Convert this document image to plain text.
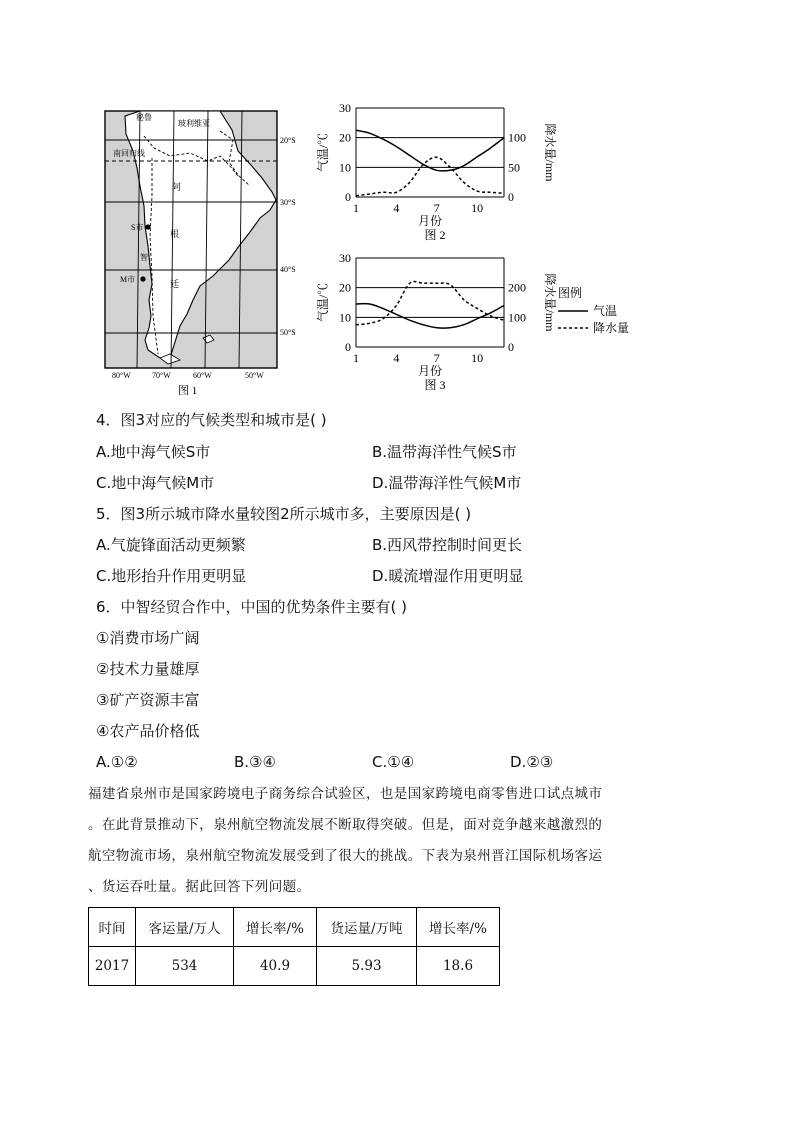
秘鲁
玻利维亚
南回归线
阿
根
廷
S市
M市
智
20°S
30°S
40°S
50°S
80°W	70°W	60°W	50°W
图 1
0
10
20
30
0
50
100
1	4	7	10
月份
气温/℃	降水量/mm
图 2
0
10
20
30
0
100
200
1	4	7	10
月份
气温/℃	降水量/mm
图 3
图例
气温
降水量
4．图3对应的气候类型和城市是( )
A.地中海气候S市	B.温带海洋性气候S市
C.地中海气候M市	D.温带海洋性气候M市
5．图3所示城市降水量较图2所示城市多，主要原因是( )
A.气旋锋面活动更频繁	B.西风带控制时间更长
C.地形抬升作用更明显	D.暖流增湿作用更明显
6．中智经贸合作中，中国的优势条件主要有( )
①消费市场广阔
②技术力量雄厚
③矿产资源丰富
④农产品价格低
A.①②	B.③④	C.①④	D.②③

福建省泉州市是国家跨境电子商务综合试验区，也是国家跨境电商零售进口试点城市

。在此背景推动下，泉州航空物流发展不断取得突破。但是，面对竞争越来越激烈的

航空物流市场，泉州航空物流发展受到了很大的挑战。下表为泉州晋江国际机场客运

、货运吞吐量。据此回答下列问题。

时间	客运量/万人	增长率/%	货运量/万吨	增长率/%
2017	534	40.9	5.93	18.6
